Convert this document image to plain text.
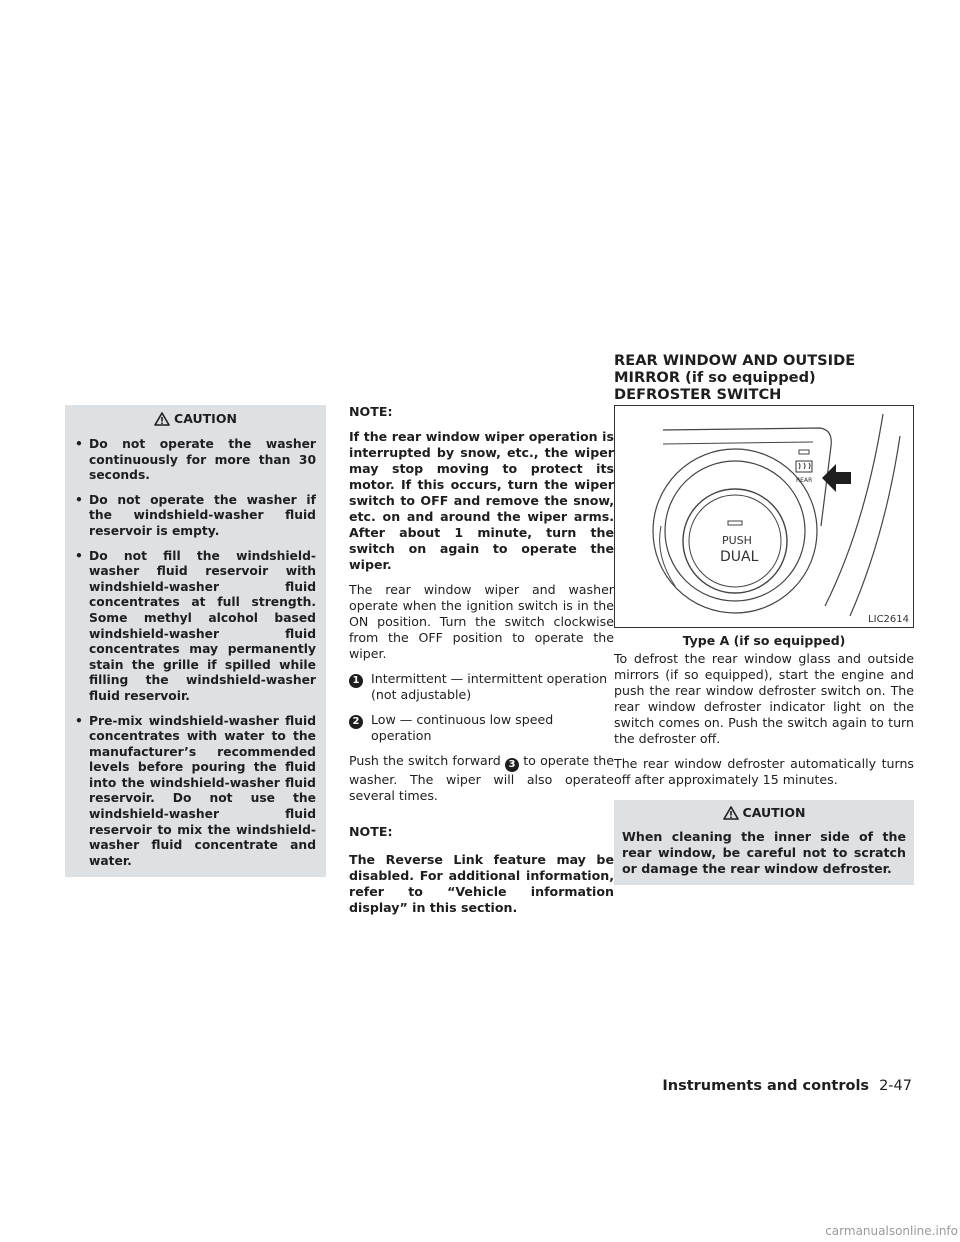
CAUTION
• Do not operate the washer continuously for more than 30 seconds.
• Do not operate the washer if the windshield-washer fluid reservoir is empty.
• Do not fill the windshield-washer fluid reservoir with windshield-washer fluid concentrates at full strength. Some methyl alcohol based windshield-washer fluid concentrates may permanently stain the grille if spilled while filling the windshield-washer fluid reservoir.
• Pre-mix windshield-washer fluid concentrates with water to the manufacturer’s recommended levels before pouring the fluid into the windshield-washer fluid reservoir. Do not use the windshield-washer fluid reservoir to mix the windshield-washer fluid concentrate and water.

NOTE:

If the rear window wiper operation is interrupted by snow, etc., the wiper may stop moving to protect its motor. If this occurs, turn the wiper switch to OFF and remove the snow, etc. on and around the wiper arms. After about 1 minute, turn the switch on again to operate the wiper.

The rear window wiper and washer operate when the ignition switch is in the ON position. Turn the switch clockwise from the OFF position to operate the wiper.

1 Intermittent — intermittent operation (not adjustable)
2 Low — continuous low speed operation

Push the switch forward 3 to operate the washer. The wiper will also operate several times.

NOTE:

The Reverse Link feature may be disabled. For additional information, refer to “Vehicle information display” in this section.

REAR WINDOW AND OUTSIDE
MIRROR (if so equipped)
DEFROSTER SWITCH
PUSH
DUAL
REAR
LIC2614
Type A (if so equipped)

To defrost the rear window glass and outside mirrors (if so equipped), start the engine and push the rear window defroster switch on. The rear window defroster indicator light on the switch comes on. Push the switch again to turn the defroster off.

The rear window defroster automatically turns off after approximately 15 minutes.

CAUTION

When cleaning the inner side of the rear window, be careful not to scratch or damage the rear window defroster.

Instruments and controls 2-47
carmanualsonline.info
